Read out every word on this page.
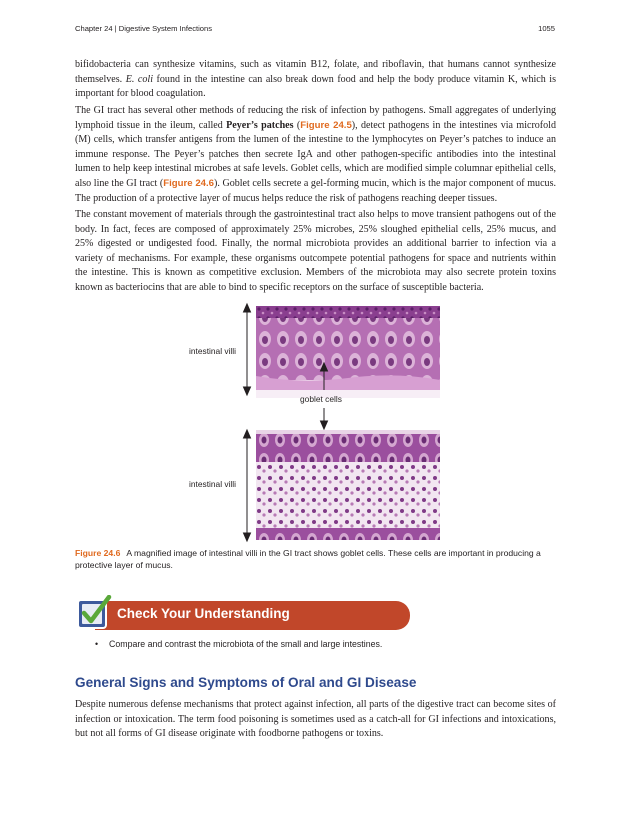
Chapter 24 | Digestive System Infections	1055

bifidobacteria can synthesize vitamins, such as vitamin B12, folate, and riboflavin, that humans cannot synthesize themselves. E. coli found in the intestine can also break down food and help the body produce vitamin K, which is important for blood coagulation.

The GI tract has several other methods of reducing the risk of infection by pathogens. Small aggregates of underlying lymphoid tissue in the ileum, called Peyer’s patches (Figure 24.5), detect pathogens in the intestines via microfold (M) cells, which transfer antigens from the lumen of the intestine to the lymphocytes on Peyer’s patches to induce an immune response. The Peyer’s patches then secrete IgA and other pathogen-specific antibodies into the intestinal lumen to help keep intestinal microbes at safe levels. Goblet cells, which are modified simple columnar epithelial cells, also line the GI tract (Figure 24.6). Goblet cells secrete a gel-forming mucin, which is the major component of mucus. The production of a protective layer of mucus helps reduce the risk of pathogens reaching deeper tissues.

The constant movement of materials through the gastrointestinal tract also helps to move transient pathogens out of the body. In fact, feces are composed of approximately 25% microbes, 25% sloughed epithelial cells, 25% mucus, and 25% digested or undigested food. Finally, the normal microbiota provides an additional barrier to infection via a variety of mechanisms. For example, these organisms outcompete potential pathogens for space and nutrients within the intestine. This is known as competitive exclusion. Members of the microbiota may also secrete protein toxins known as bacteriocins that are able to bind to specific receptors on the surface of susceptible bacteria.

intestinal villi
goblet cells
intestinal villi
Figure 24.6 A magnified image of intestinal villi in the GI tract shows goblet cells. These cells are important in producing a protective layer of mucus.
Check Your Understanding
• Compare and contrast the microbiota of the small and large intestines.
General Signs and Symptoms of Oral and GI Disease

Despite numerous defense mechanisms that protect against infection, all parts of the digestive tract can become sites of infection or intoxication. The term food poisoning is sometimes used as a catch-all for GI infections and intoxications, but not all forms of GI disease originate with foodborne pathogens or toxins.
